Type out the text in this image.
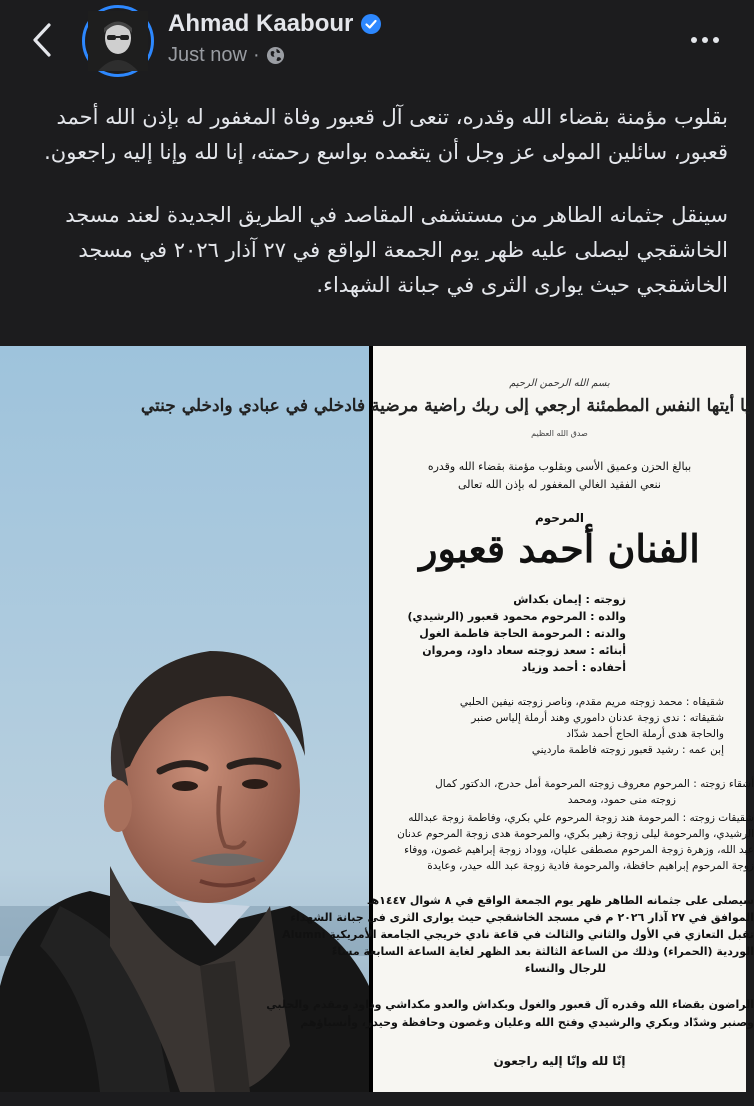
Ahmad Kaabour
Just now ·

بقلوب مؤمنة بقضاء الله وقدره، تنعى آل قعبور وفاة المغفور له بإذن الله أحمد قعبور، سائلين المولى عز وجل أن يتغمده بواسع رحمته، إنا لله وإنا إليه راجعون.

سينقل جثمانه الطاهر من مستشفى المقاصد في الطريق الجديدة لعند مسجد الخاشقجي ليصلى عليه ظهر يوم الجمعة الواقع في ٢٧ آذار ٢٠٢٦ في مسجد الخاشقجي حيث يوارى الثرى في جبانة الشهداء.

بسم الله الرحمن الرحيم
يا أيتها النفس المطمئنة ارجعي إلى ربك راضية مرضية فادخلي في عبادي وادخلي جنتي
صدق الله العظيم
ببالغ الحزن وعميق الأسى وبقلوب مؤمنة بقضاء الله وقدره
ننعي الفقيد الغالي المغفور له بإذن الله تعالى
المرحوم
الفنان أحمد قعبور
زوجته : إيمان بكداش
والده : المرحوم محمود قعبور (الرشيدي)
والدته : المرحومة الحاجة فاطمة الغول
أبنائه : سعد زوجته سعاد داود، ومروان
أحفاده : أحمد وزياد
شقيقاه : محمد زوجته مريم مقدم، وناصر زوجته نيفين الحلبي
شقيقاته : ندى زوجة عدنان داموري وهند أرملة إلياس صنبر
والحاجة هدى أرملة الحاج أحمد شدّاد
إبن عمه : رشيد قعبور زوجته فاطمة مارديني
أشقاء زوجته : المرحوم معروف زوجته المرحومة أمل حدرج، الدكتور كمال
زوجته منى حمود، ومحمد
شقيقات زوجته : المرحومة هند زوجة المرحوم علي بكري، وفاطمة زوجة عبدالله
الرشيدي، والمرحومة ليلى زوجة زهير بكري، والمرحومة هدى زوجة المرحوم عدنان
عبد الله، وزهرة زوجة المرحوم مصطفى عليان، ووداد زوجة إبراهيم غصون، ووفاء
زوجة المرحوم إبراهيم حافظة، والمرحومة فادية زوجة عبد الله حيدر، وعايدة
سيصلى على جثمانه الطاهر ظهر يوم الجمعة الواقع في ٨ شوال ١٤٤٧هـ
الموافق في ٢٧ آذار ٢٠٢٦ م في مسجد الخاشقجي حيث يوارى الثرى في جبانة الشهداء
تقبل التعازي في الأول والثاني والثالث في قاعة نادي خريجي الجامعة الأمريكية Alumni
الوردية (الحمراء) وذلك من الساعة الثالثة بعد الظهر لغاية الساعة السابعة مساءً
للرجال والنساء
الراضون بقضاء الله وقدره آل قعبور والغول وبكداش والعدو مكداشي وداود ومقدم والحلبي
وصنبر وشدّاد وبكري والرشيدي وفتح الله وعليان وغصون وحافظة وحيدر، وأنسباؤهم
إنّا لله وإنّا إليه راجعون
